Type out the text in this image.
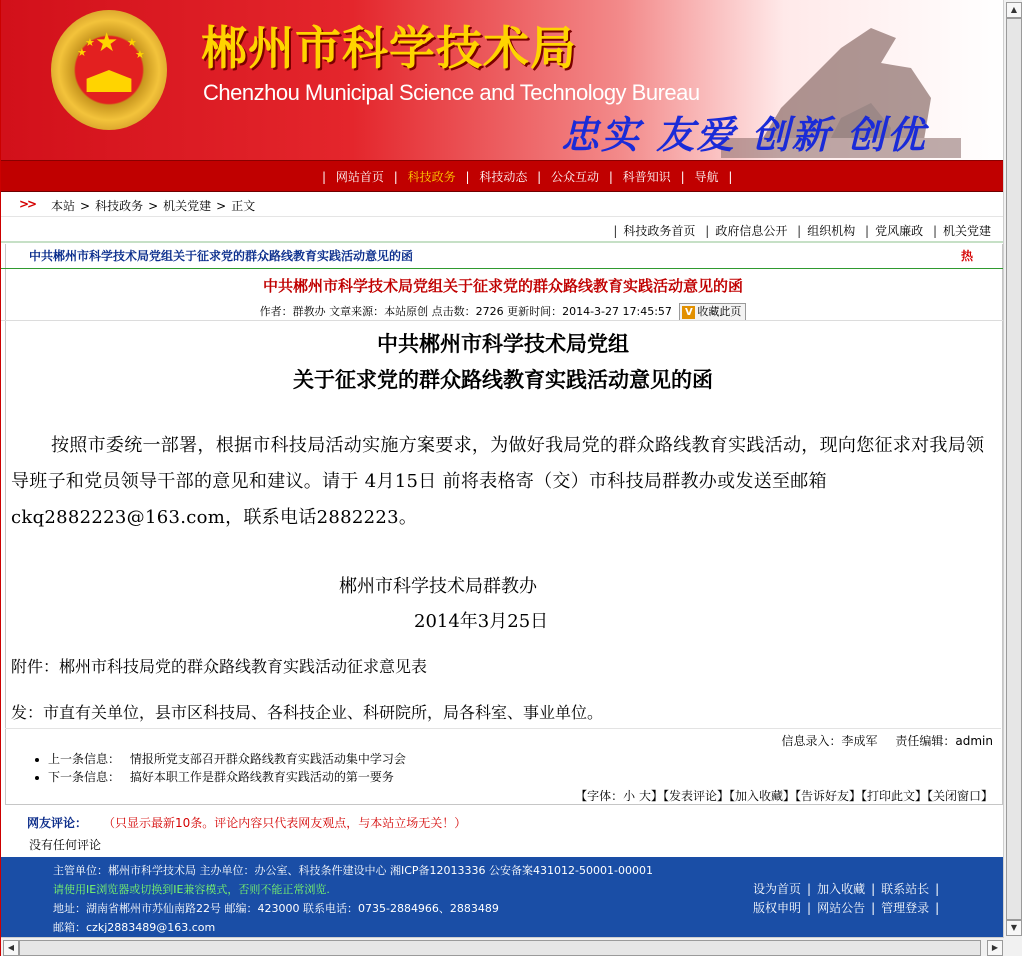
★
★
★	★
★ 郴州市科学技术局
Chenzhou Municipal Science and Technology Bureau
忠实 友爱 创新 创优
| 网站首页 | 科技政务 | 科技动态 | 公众互动 | 科普知识 | 导航 |
>> 本站 > 科技政务 > 机关党建 > 正文
| 科技政务首页 | 政府信息公开 | 组织机构 | 党风廉政 | 机关党建
中共郴州市科学技术局党组关于征求党的群众路线教育实践活动意见的函	热
中共郴州市科学技术局党组关于征求党的群众路线教育实践活动意见的函
作者：群教办 文章来源：本站原创 点击数：2726 更新时间：2014-3-27 17:45:57 V 收藏此页
中共郴州市科学技术局党组
关于征求党的群众路线教育实践活动意见的函
按照市委统一部署，根据市科技局活动实施方案要求，为做好我局党的群众路线教育实践活动，现向您征求对我局领导班子和党员领导干部的意见和建议。请于 4月15日 前将表格寄（交）市科技局群教办或发送至邮箱ckq2882223@163.com，联系电话2882223。
郴州市科学技术局群教办
2014年3月25日
附件：郴州市科技局党的群众路线教育实践活动征求意见表
发：市直有关单位，县市区科技局、各科技企业、科研院所，局各科室、事业单位。
信息录入：李成军 责任编辑：admin
上一条信息： 情报所党支部召开群众路线教育实践活动集中学习会
下一条信息： 搞好本职工作是群众路线教育实践活动的第一要务
【字体：小 大】【发表评论】【加入收藏】【告诉好友】【打印此文】【关闭窗口】
网友评论： （只显示最新10条。评论内容只代表网友观点，与本站立场无关！）
没有任何评论
主管单位：郴州市科学技术局 主办单位：办公室、科技条件建设中心 湘ICP备12013336 公安备案431012-50001-00001
请使用IE浏览器或切换到IE兼容模式，否则不能正常浏览.
地址：湖南省郴州市苏仙南路22号 邮编：423000 联系电话：0735-2884966、2883489
邮箱：czkj2883489@163.com
设为首页 | 加入收藏 | 联系站长 |
版权申明 | 网站公告 | 管理登录 |
◀	▶
▲
▼
